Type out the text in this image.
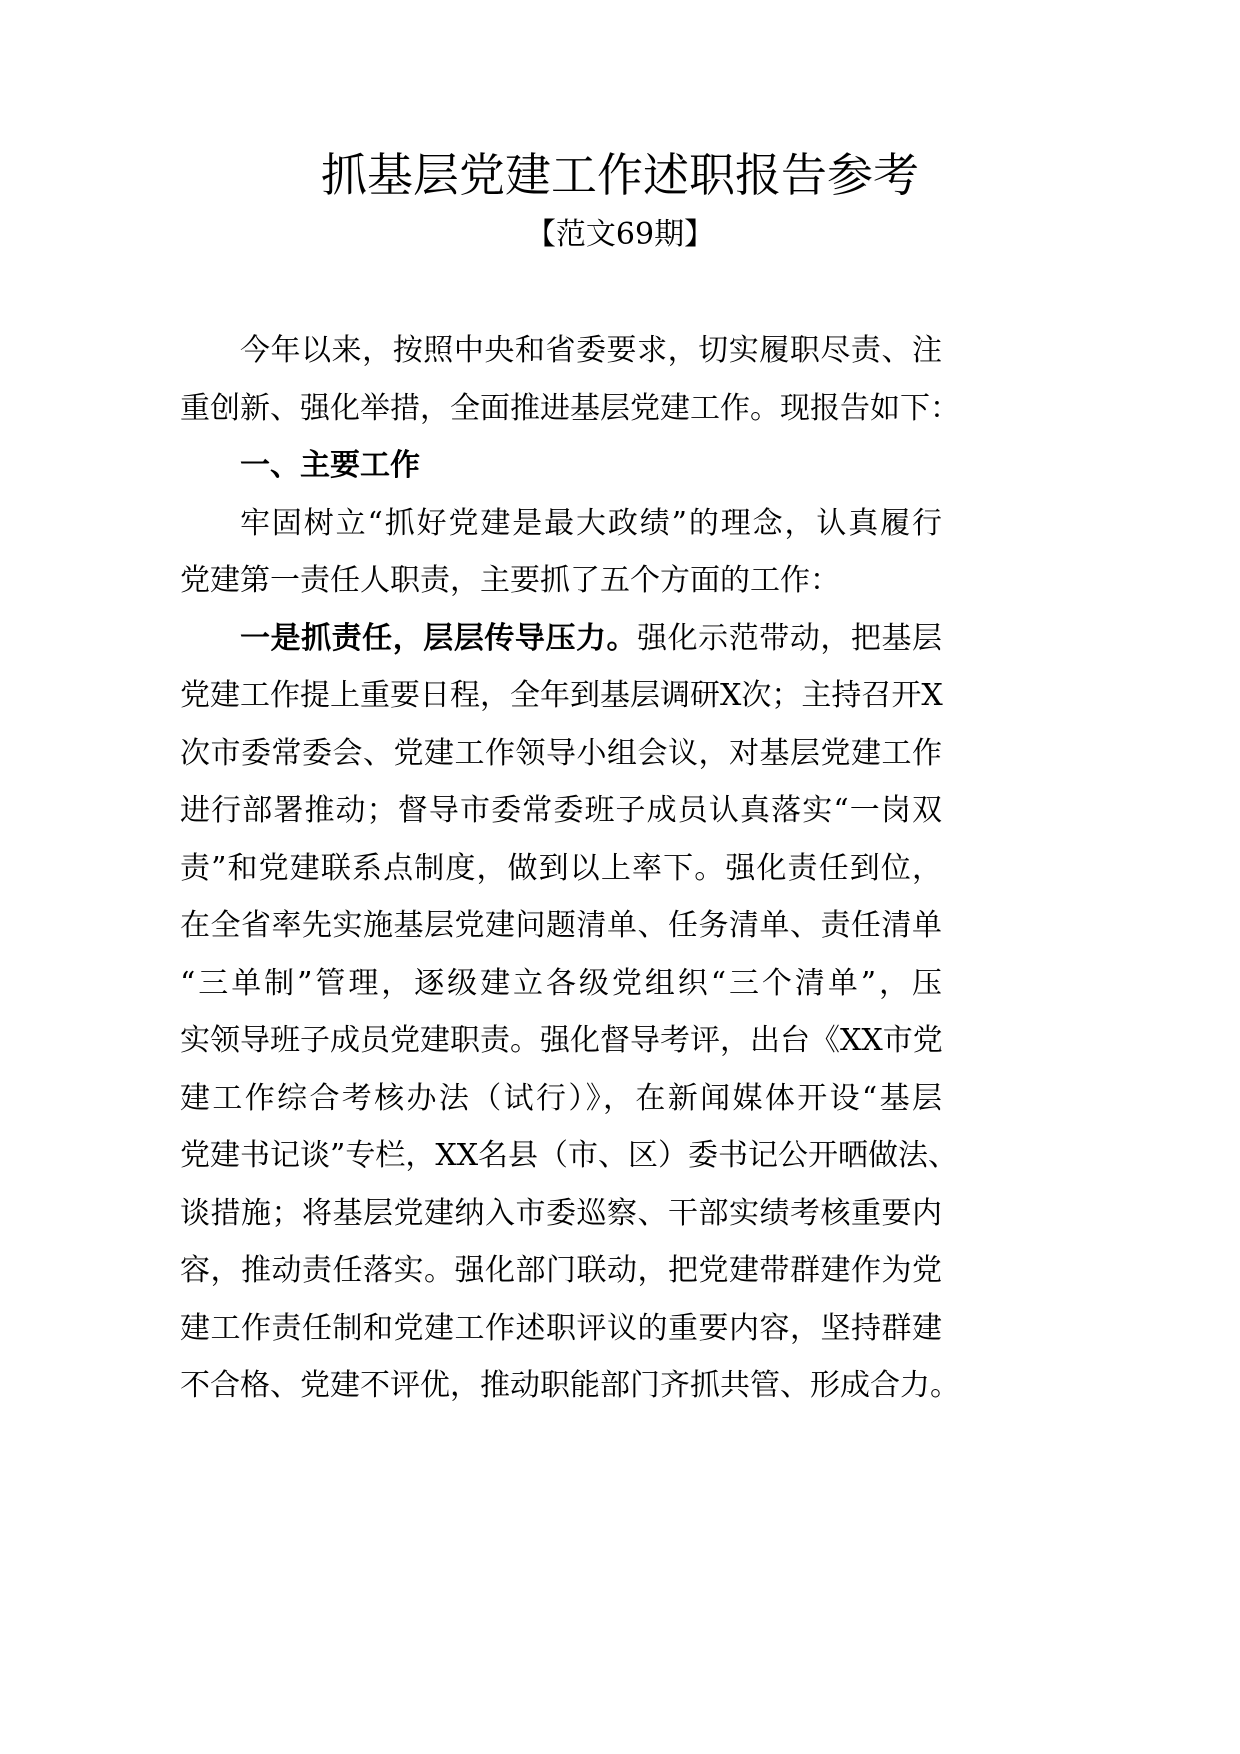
抓基层党建工作述职报告参考
【范文69期】
今年以来，按照中央和省委要求，切实履职尽责、注
重创新、强化举措，全面推进基层党建工作。现报告如下：
一、主要工作
牢固树立“抓好党建是最大政绩”的理念，认真履行
党建第一责任人职责，主要抓了五个方面的工作：
一是抓责任，层层传导压力。强化示范带动，把基层
党建工作提上重要日程，全年到基层调研X次；主持召开X
次市委常委会、党建工作领导小组会议，对基层党建工作
进行部署推动；督导市委常委班子成员认真落实“一岗双
责”和党建联系点制度，做到以上率下。强化责任到位，
在全省率先实施基层党建问题清单、任务清单、责任清单
“三单制”管理，逐级建立各级党组织“三个清单”，压
实领导班子成员党建职责。强化督导考评，出台《XX市党
建工作综合考核办法（试行）》，在新闻媒体开设“基层
党建书记谈”专栏，XX名县（市、区）委书记公开晒做法、
谈措施；将基层党建纳入市委巡察、干部实绩考核重要内
容，推动责任落实。强化部门联动，把党建带群建作为党
建工作责任制和党建工作述职评议的重要内容，坚持群建
不合格、党建不评优，推动职能部门齐抓共管、形成合力。
